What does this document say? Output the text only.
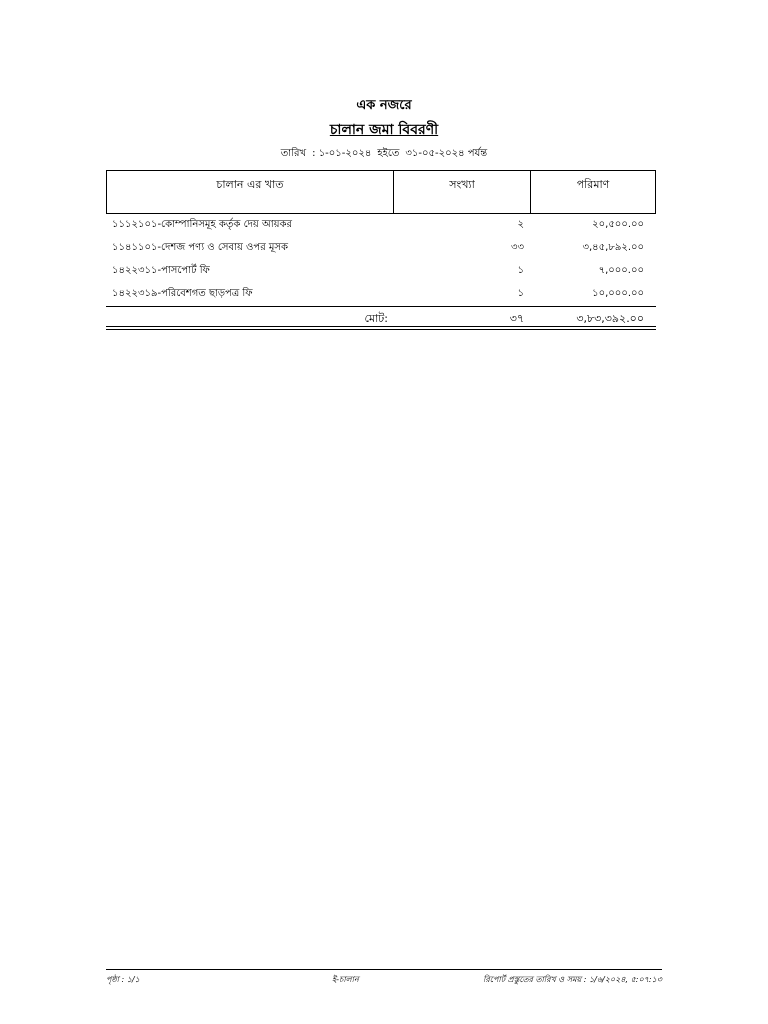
এক নজরে
চালান জমা বিবরণী
তারিখ : ১-০১-২০২৪ হইতে ৩১-০৫-২০২৪ পর্যন্ত
চালান এর খাত	সংখ্যা	পরিমাণ
১১১২১০১-কোম্পানিসমূহ কর্তৃক দেয় আয়কর	২	২০,৫০০.০০
১১৪১১০১-দেশজ পণ্য ও সেবায় ওপর মূসক	৩৩	৩,৪৫,৮৯২.০০
১৪২২৩১১-পাসপোর্ট ফি	১	৭,০০০.০০
১৪২২৩১৯-পরিবেশগত ছাড়পত্র ফি	১	১০,০০০.০০
মোট:	৩৭	৩,৮৩,৩৯২.০০
পৃষ্ঠা : ১/১	ই-চালান	রিপোর্ট প্রস্তুতের তারিখ ও সময় : ১/৬/২০২৪, ৫:০৭:১৩
